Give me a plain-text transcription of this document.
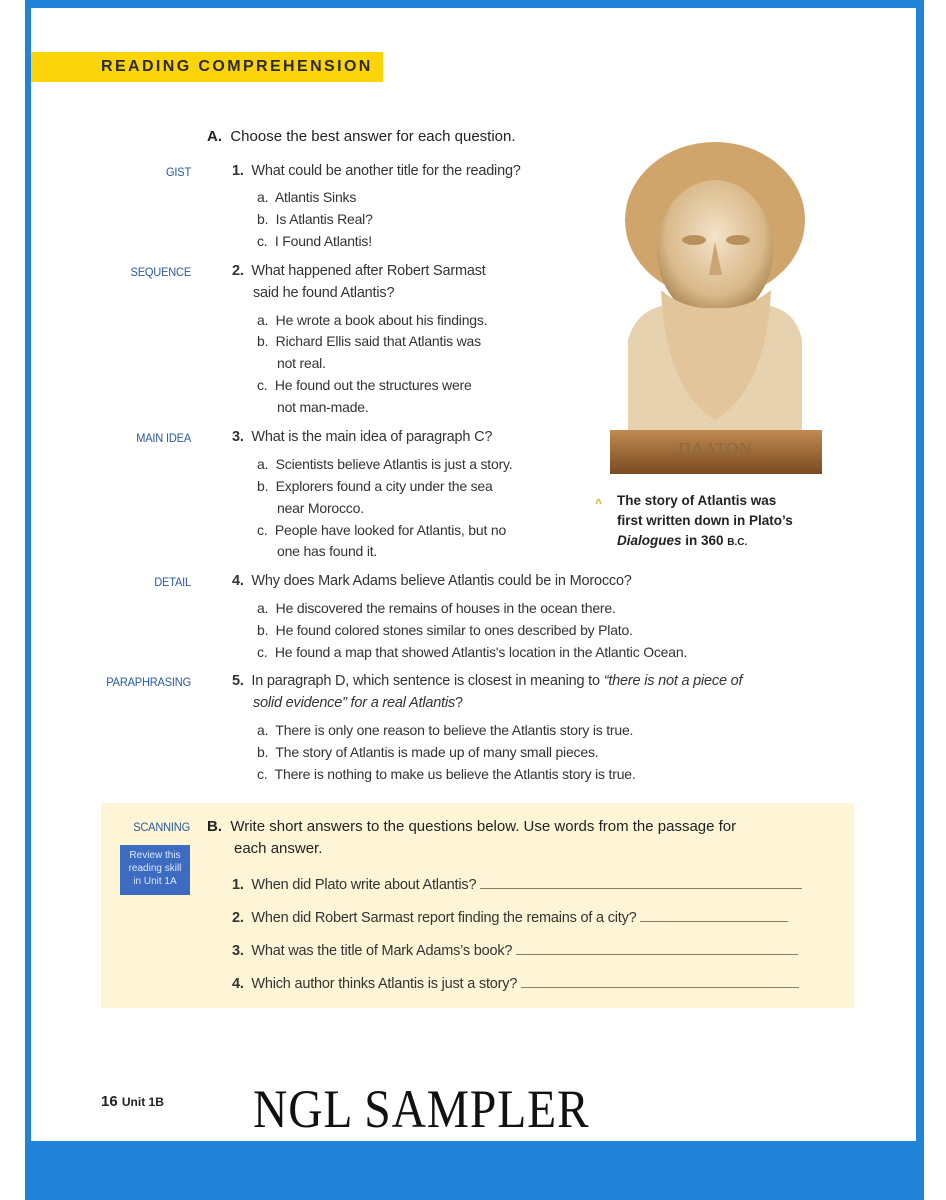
READING COMPREHENSION
A. Choose the best answer for each question.
GIST	1. What could be another title for the reading?
a. Atlantis Sinks
b. Is Atlantis Real?
c. I Found Atlantis!
SEQUENCE	2. What happened after Robert Sarmast
said he found Atlantis?
a. He wrote a book about his findings.
b. Richard Ellis said that Atlantis was
not real.
c. He found out the structures were
not man-made.
MAIN IDEA	3. What is the main idea of paragraph C?
a. Scientists believe Atlantis is just a story.
b. Explorers found a city under the sea
near Morocco.
c. People have looked for Atlantis, but no
one has found it.
ΠΛΑΤΩΝ
^ The story of Atlantis was
first written down in Plato’s
Dialogues in 360 B.C.
DETAIL	4. Why does Mark Adams believe Atlantis could be in Morocco?
a. He discovered the remains of houses in the ocean there.
b. He found colored stones similar to ones described by Plato.
c. He found a map that showed Atlantis's location in the Atlantic Ocean.
PARAPHRASING	5. In paragraph D, which sentence is closest in meaning to “there is not a piece of
solid evidence” for a real Atlantis?
a. There is only one reason to believe the Atlantis story is true.
b. The story of Atlantis is made up of many small pieces.
c. There is nothing to make us believe the Atlantis story is true.
SCANNING
Review this
reading skill
in Unit 1A
B. Write short answers to the questions below. Use words from the passage for
each answer.
1. When did Plato write about Atlantis?
2. When did Robert Sarmast report finding the remains of a city?
3. What was the title of Mark Adams’s book?
4. Which author thinks Atlantis is just a story?
16 Unit 1B NGL SAMPLER
